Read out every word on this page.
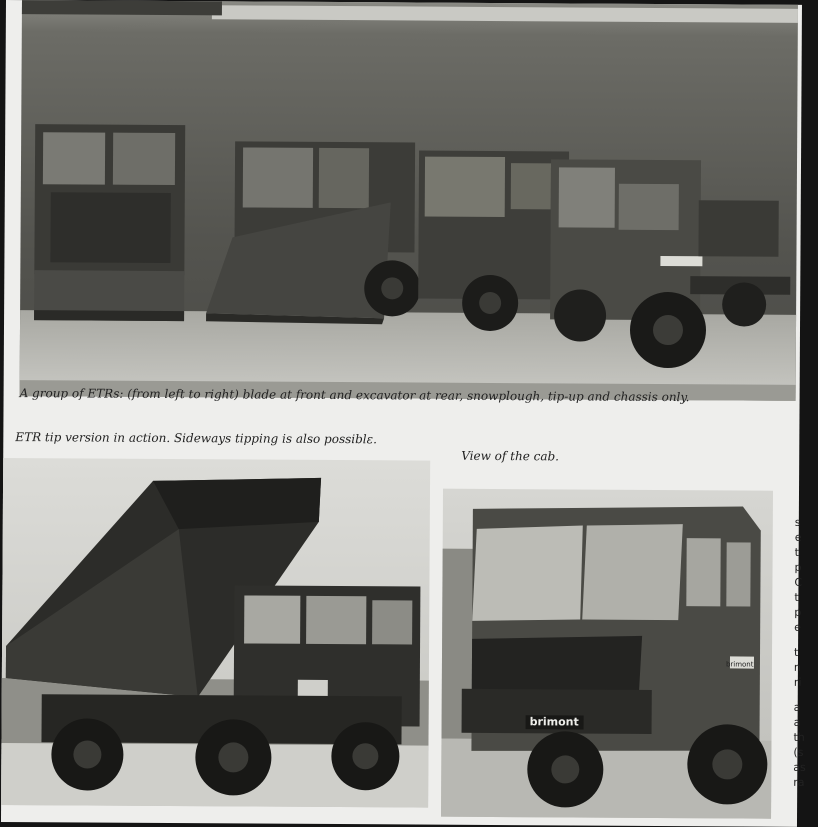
A group of ETRs: (from left to right) blade at front and excavator at rear, snowplough, tip-up and chassis only.

ETR tip version in action. Sideways tipping is also possiblε.

View of the cab.

brimont
brimont
s
e
t
p
C
t
p
e
t
n
ri
a
a
th
(s
as
ra
